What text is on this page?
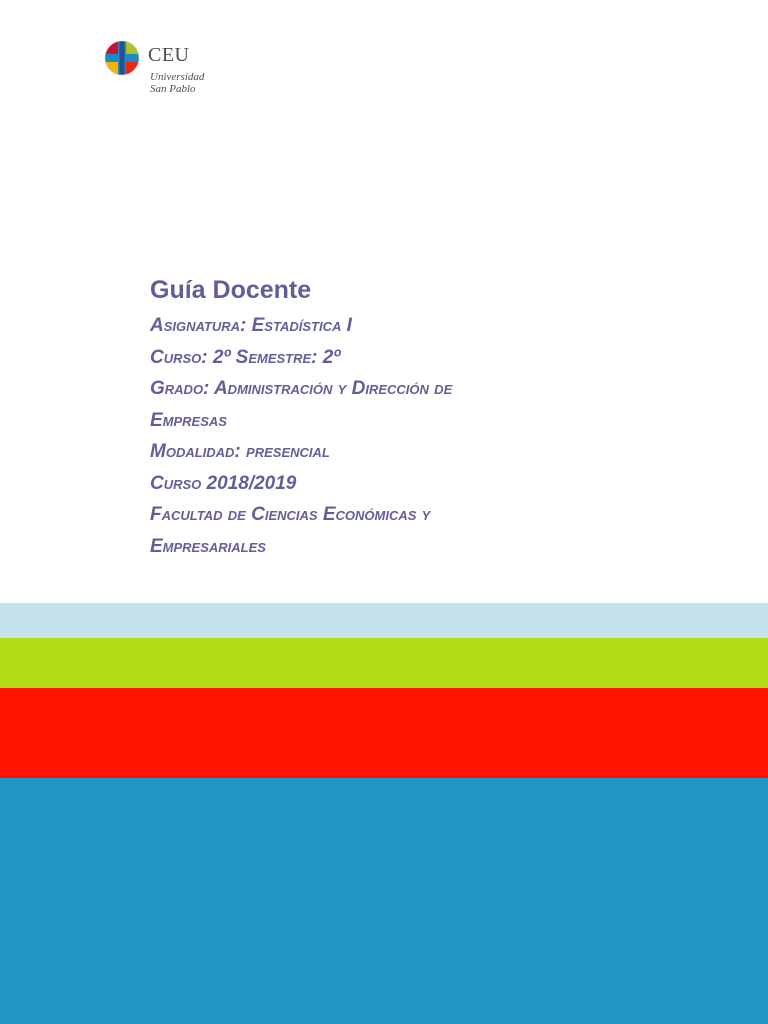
CEU
Universidad
San Pablo
Guía Docente
Asignatura: Estadística I
Curso: 2º Semestre: 2º
Grado: Administración y Dirección de
Empresas
Modalidad: presencial
Curso 2018/2019
Facultad de Ciencias Económicas y
Empresariales
